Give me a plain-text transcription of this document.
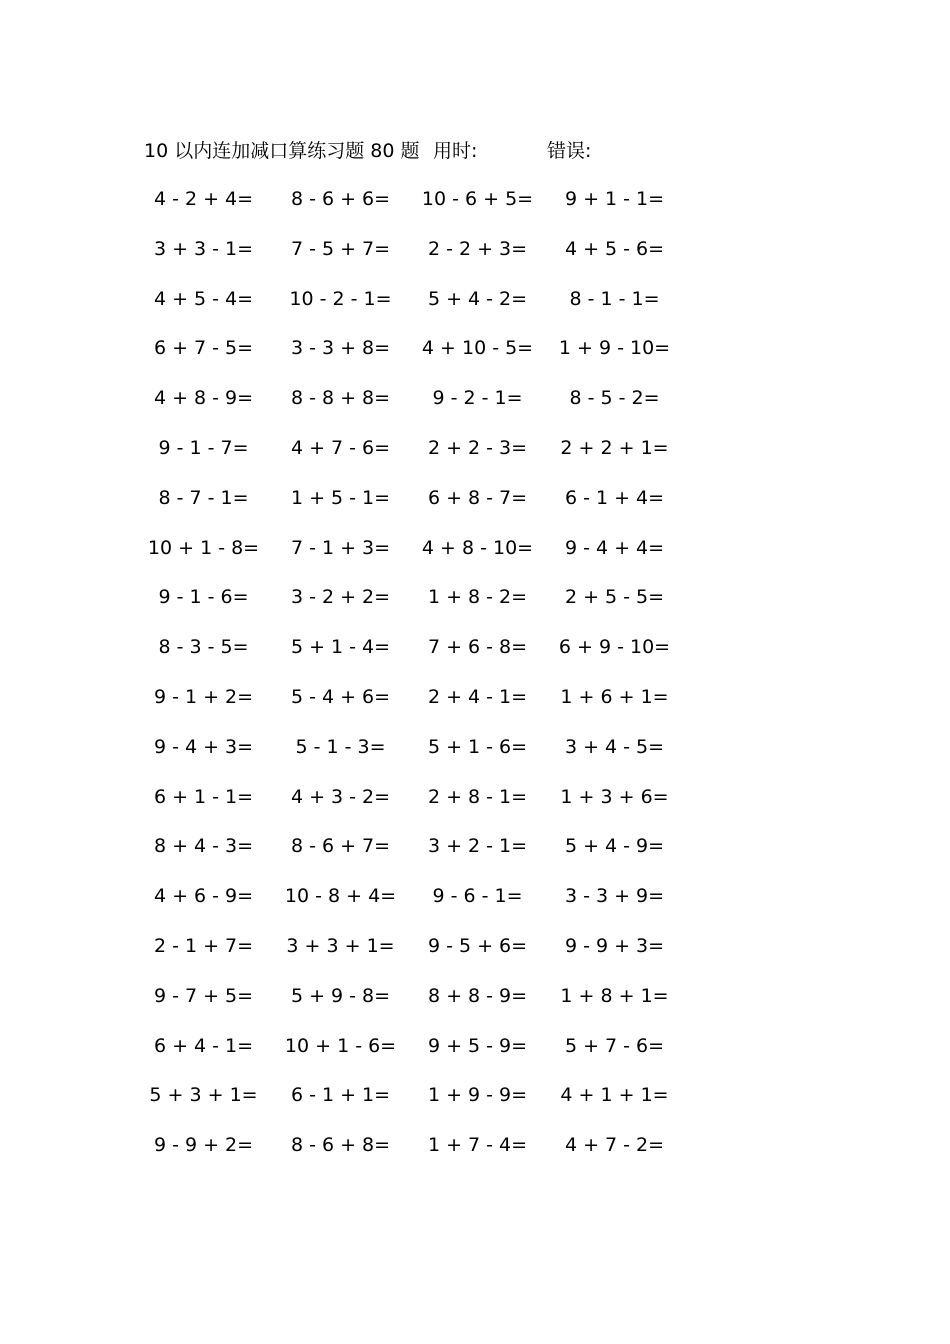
10 以内连加减口算练习题 80 题 用时:	错误:
4 - 2 + 4=	8 - 6 + 6=	10 - 6 + 5=	9 + 1 - 1=
3 + 3 - 1=	7 - 5 + 7=	2 - 2 + 3=	4 + 5 - 6=
4 + 5 - 4=	10 - 2 - 1=	5 + 4 - 2=	8 - 1 - 1=
6 + 7 - 5=	3 - 3 + 8=	4 + 10 - 5=	1 + 9 - 10=
4 + 8 - 9=	8 - 8 + 8=	9 - 2 - 1=	8 - 5 - 2=
9 - 1 - 7=	4 + 7 - 6=	2 + 2 - 3=	2 + 2 + 1=
8 - 7 - 1=	1 + 5 - 1=	6 + 8 - 7=	6 - 1 + 4=
10 + 1 - 8=	7 - 1 + 3=	4 + 8 - 10=	9 - 4 + 4=
9 - 1 - 6=	3 - 2 + 2=	1 + 8 - 2=	2 + 5 - 5=
8 - 3 - 5=	5 + 1 - 4=	7 + 6 - 8=	6 + 9 - 10=
9 - 1 + 2=	5 - 4 + 6=	2 + 4 - 1=	1 + 6 + 1=
9 - 4 + 3=	5 - 1 - 3=	5 + 1 - 6=	3 + 4 - 5=
6 + 1 - 1=	4 + 3 - 2=	2 + 8 - 1=	1 + 3 + 6=
8 + 4 - 3=	8 - 6 + 7=	3 + 2 - 1=	5 + 4 - 9=
4 + 6 - 9=	10 - 8 + 4=	9 - 6 - 1=	3 - 3 + 9=
2 - 1 + 7=	3 + 3 + 1=	9 - 5 + 6=	9 - 9 + 3=
9 - 7 + 5=	5 + 9 - 8=	8 + 8 - 9=	1 + 8 + 1=
6 + 4 - 1=	10 + 1 - 6=	9 + 5 - 9=	5 + 7 - 6=
5 + 3 + 1=	6 - 1 + 1=	1 + 9 - 9=	4 + 1 + 1=
9 - 9 + 2=	8 - 6 + 8=	1 + 7 - 4=	4 + 7 - 2=
